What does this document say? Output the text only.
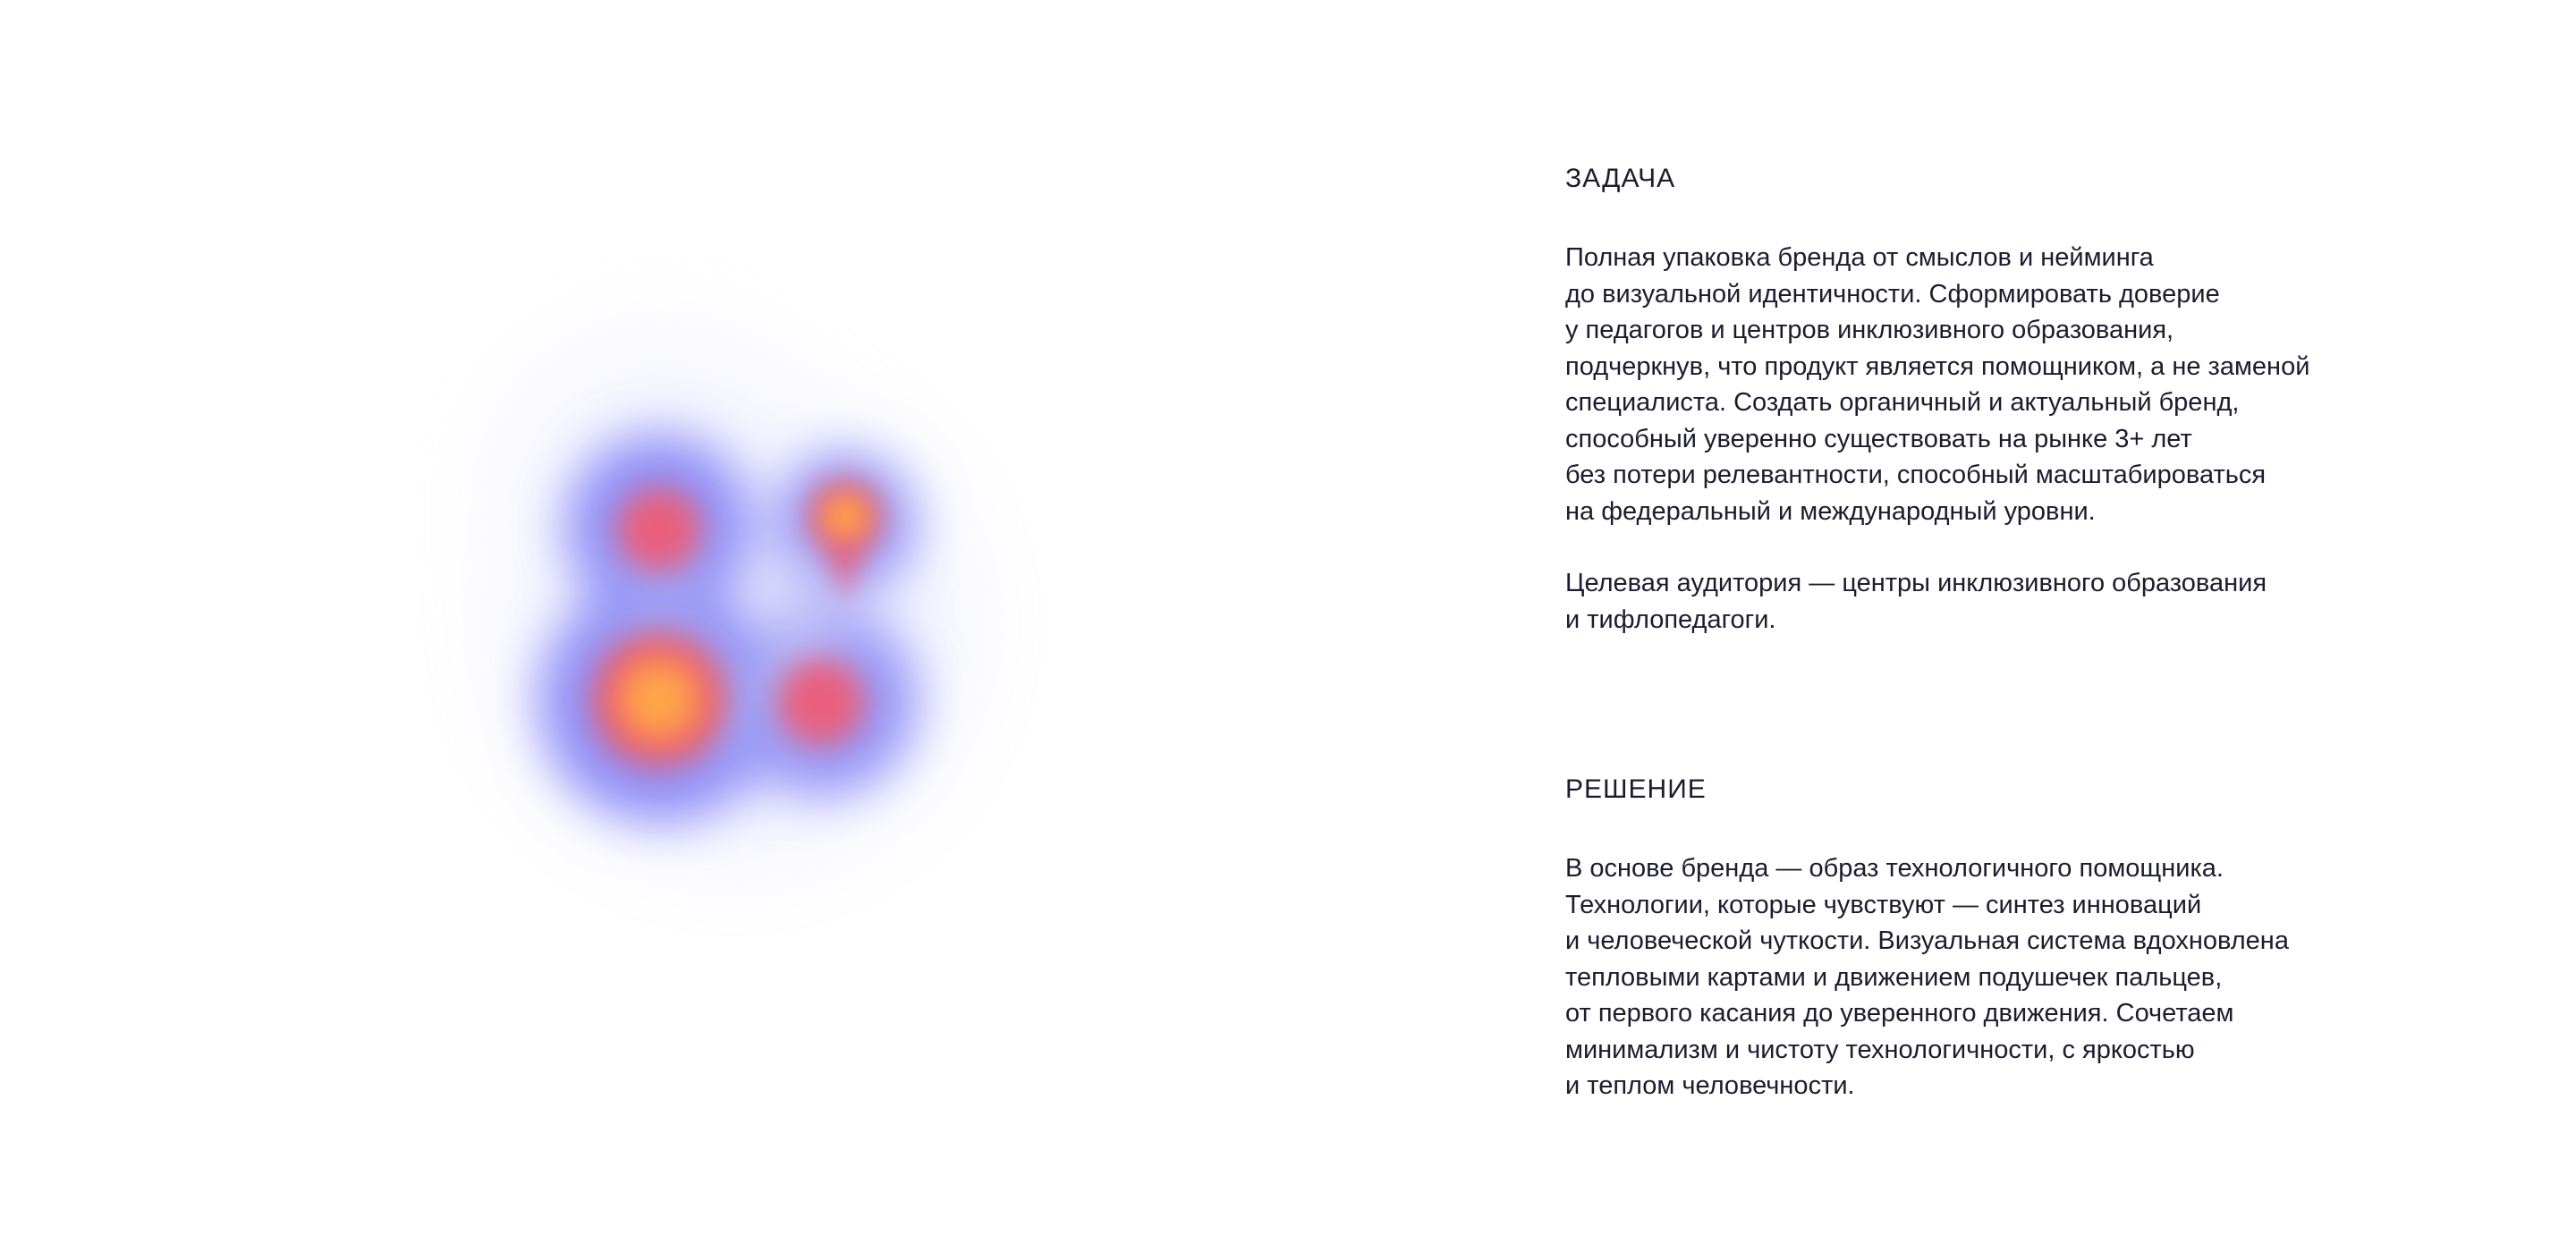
ЗАДАЧА

Полная упаковка бренда от смыслов и нейминга
до визуальной идентичности. Сформировать доверие
у педагогов и центров инклюзивного образования,
подчеркнув, что продукт является помощником, а не заменой
специалиста. Создать органичный и актуальный бренд,
способный уверенно существовать на рынке 3+ лет
без потери релевантности, способный масштабироваться
на федеральный и международный уровни.

Целевая аудитория — центры инклюзивного образования
и тифлопедагоги.

РЕШЕНИЕ

В основе бренда — образ технологичного помощника.
Технологии, которые чувствуют — синтез инноваций
и человеческой чуткости. Визуальная система вдохновлена
тепловыми картами и движением подушечек пальцев,
от первого касания до уверенного движения. Сочетаем
минимализм и чистоту технологичности, с яркостью
и теплом человечности.
